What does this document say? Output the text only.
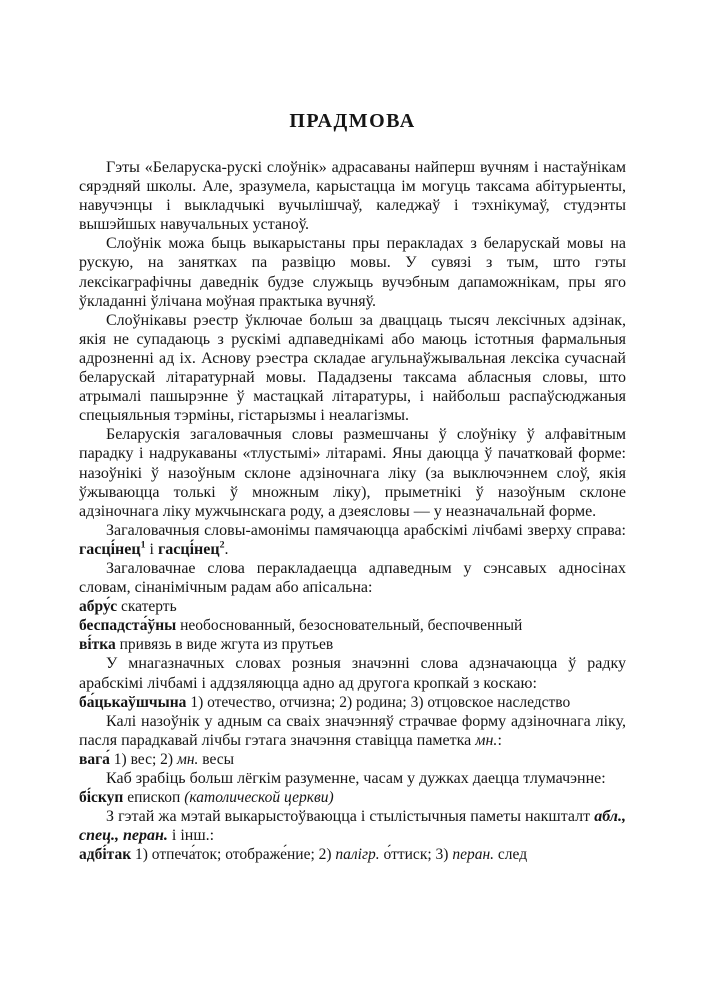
ПРАДМОВА

Гэты «Беларуска-рускі слоўнік» адрасаваны найперш вучням і настаўнікам сярэдняй школы. Але, зразумела, карыстацца ім могуць таксама абітурыенты, навучэнцы і выкладчыкі вучылішчаў, каледжаў і тэхнікумаў, студэнты вышэйшых навучальных устаноў.

Слоўнік можа быць выкарыстаны пры перакладах з беларускай мовы на рускую, на занятках па развіцю мовы. У сувязі з тым, што гэты лексікаграфічны даведнік будзе служыць вучэбным дапаможнікам, пры яго ўкладанні ўлічана моўная практыка вучняў.

Слоўнікавы рэестр ўключае больш за дваццаць тысяч лексічных адзінак, якія не супадаюць з рускімі адпаведнікамі або маюць істотныя фармальныя адрозненні ад іх. Аснову рэестра складае агульнаўжывальная лексіка сучаснай беларускай літаратурнай мовы. Пададзены таксама абласныя словы, што атрымалі пашырэнне ў мастацкай літаратуры, і найбольш распаўсюджаныя спецыяльныя тэрміны, гістарызмы і неалагізмы.

Беларускія загаловачныя словы размешчаны ў слоўніку ў алфавітным парадку і надрукаваны «тлустымі» літарамі. Яны даюцца ў пачатковай форме: назоўнікі ў назоўным склоне адзіночнага ліку (за выключэннем слоў, якія ўжываюцца толькі ў множным ліку), прыметнікі ў назоўным склоне адзіночнага ліку мужчынскага роду, а дзеясловы — у неазначальнай форме.

Загаловачныя словы-амонімы памячаюцца арабскімі лічбамі зверху справа: гасці́нец$^1$ і гасці́нец$^2$.

Загаловачнае слова перакладаецца адпаведным у сэнсавых адносінах словам, сінанімічным радам або апісальна:

абру́с скатерть

беспадста́ўны необоснованный, безосновательный, беспочвенный

ві́тка привязь в виде жгута из прутьев

У мнагазначных словах розныя значэнні слова адзначаюцца ў радку арабскімі лічбамі і аддзяляюцца адно ад другога кропкай з коскаю:

ба́цькаўшчына 1) отечество, отчизна; 2) родина; 3) отцовское наследство

Калі назоўнік у адным са сваіх значэнняў страчвае форму адзіночнага ліку, пасля парадкавай лічбы гэтага значэння ставіцца паметка мн.:

вага́ 1) вес; 2) мн. весы

Каб зрабіць больш лёгкім разуменне, часам у дужках даецца тлумачэнне:

бі́скуп епископ (католической церкви)

З гэтай жа мэтай выкарыстоўваюцца і стылістычныя паметы накшталт абл., спец., перан. і інш.:

адбі́так 1) отпеча́ток; отображе́ние; 2) палігр. о́ттиск; 3) перан. след
